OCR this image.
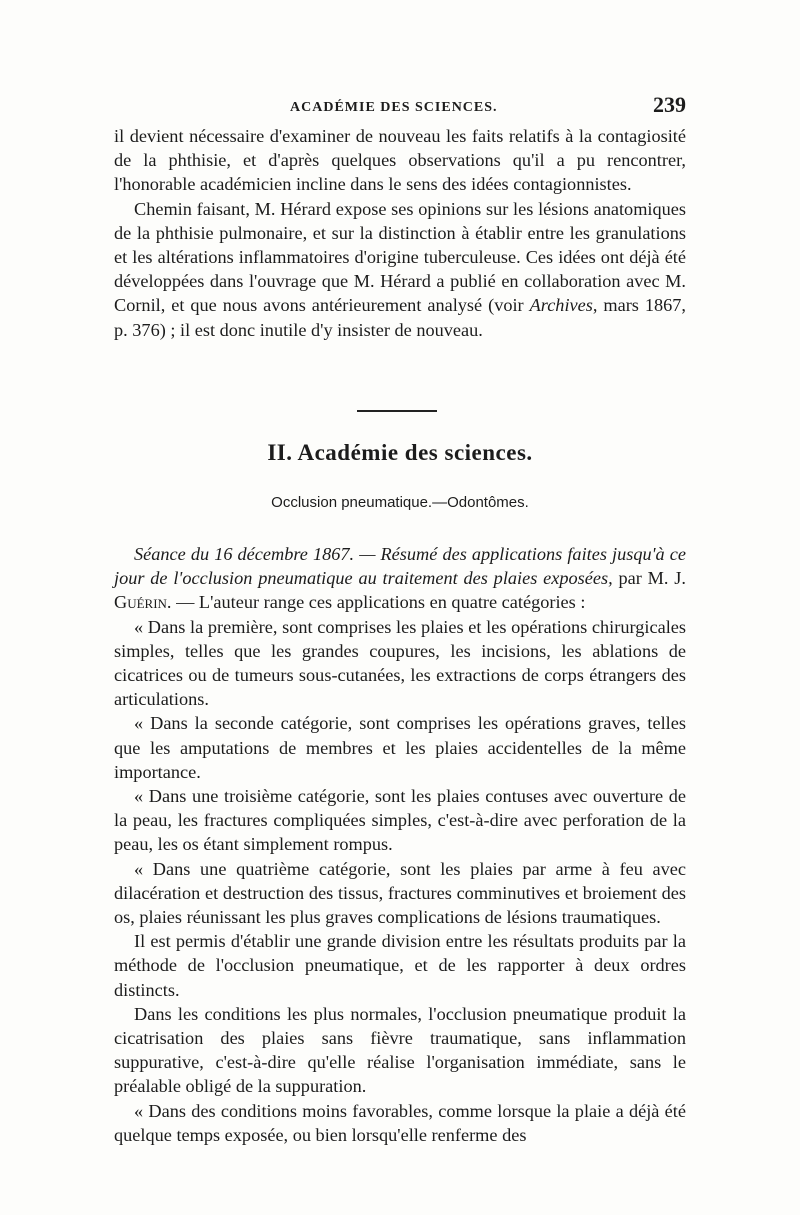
ACADÉMIE DES SCIENCES.	239

il devient nécessaire d'examiner de nouveau les faits relatifs à la contagiosité de la phthisie, et d'après quelques observations qu'il a pu rencontrer, l'honorable académicien incline dans le sens des idées contagionnistes.

Chemin faisant, M. Hérard expose ses opinions sur les lésions anatomiques de la phthisie pulmonaire, et sur la distinction à établir entre les granulations et les altérations inflammatoires d'origine tuberculeuse. Ces idées ont déjà été développées dans l'ouvrage que M. Hérard a publié en collaboration avec M. Cornil, et que nous avons antérieurement analysé (voir Archives, mars 1867, p. 376) ; il est donc inutile d'y insister de nouveau.

II. Académie des sciences.
Occlusion pneumatique.—Odontômes.

Séance du 16 décembre 1867. — Résumé des applications faites jusqu'à ce jour de l'occlusion pneumatique au traitement des plaies exposées, par M. J. Guérin. — L'auteur range ces applications en quatre catégories :

« Dans la première, sont comprises les plaies et les opérations chirurgicales simples, telles que les grandes coupures, les incisions, les ablations de cicatrices ou de tumeurs sous-cutanées, les extractions de corps étrangers des articulations.

« Dans la seconde catégorie, sont comprises les opérations graves, telles que les amputations de membres et les plaies accidentelles de la même importance.

« Dans une troisième catégorie, sont les plaies contuses avec ouverture de la peau, les fractures compliquées simples, c'est-à-dire avec perforation de la peau, les os étant simplement rompus.

« Dans une quatrième catégorie, sont les plaies par arme à feu avec dilacération et destruction des tissus, fractures comminutives et broiement des os, plaies réunissant les plus graves complications de lésions traumatiques.

Il est permis d'établir une grande division entre les résultats produits par la méthode de l'occlusion pneumatique, et de les rapporter à deux ordres distincts.

Dans les conditions les plus normales, l'occlusion pneumatique produit la cicatrisation des plaies sans fièvre traumatique, sans inflammation suppurative, c'est-à-dire qu'elle réalise l'organisation immédiate, sans le préalable obligé de la suppuration.

« Dans des conditions moins favorables, comme lorsque la plaie a déjà été quelque temps exposée, ou bien lorsqu'elle renferme des
